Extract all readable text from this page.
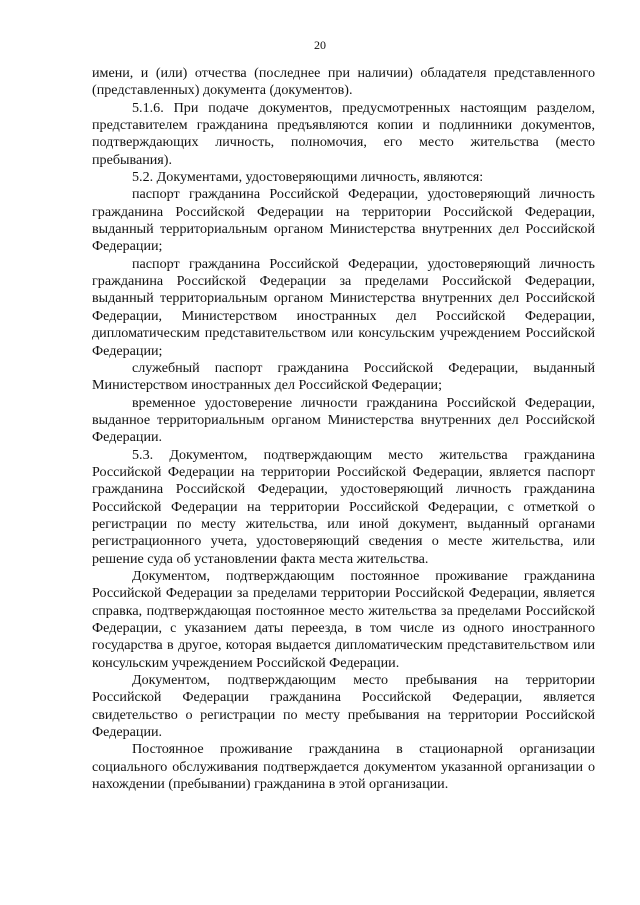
20

имени, и (или) отчества (последнее при наличии) обладателя представленного (представленных) документа (документов).

5.1.6. При подаче документов, предусмотренных настоящим разделом, представителем гражданина предъявляются копии и подлинники документов, подтверждающих личность, полномочия, его место жительства (место пребывания).

5.2. Документами, удостоверяющими личность, являются:

паспорт гражданина Российской Федерации, удостоверяющий личность гражданина Российской Федерации на территории Российской Федерации, выданный территориальным органом Министерства внутренних дел Российской Федерации;

паспорт гражданина Российской Федерации, удостоверяющий личность гражданина Российской Федерации за пределами Российской Федерации, выданный территориальным органом Министерства внутренних дел Российской Федерации, Министерством иностранных дел Российской Федерации, дипломатическим представительством или консульским учреждением Российской Федерации;

служебный паспорт гражданина Российской Федерации, выданный Министерством иностранных дел Российской Федерации;

временное удостоверение личности гражданина Российской Федерации, выданное территориальным органом Министерства внутренних дел Российской Федерации.

5.3. Документом, подтверждающим место жительства гражданина Российской Федерации на территории Российской Федерации, является паспорт гражданина Российской Федерации, удостоверяющий личность гражданина Российской Федерации на территории Российской Федерации, с отметкой о регистрации по месту жительства, или иной документ, выданный органами регистрационного учета, удостоверяющий сведения о месте жительства, или решение суда об установлении факта места жительства.

Документом, подтверждающим постоянное проживание гражданина Российской Федерации за пределами территории Российской Федерации, является справка, подтверждающая постоянное место жительства за пределами Российской Федерации, с указанием даты переезда, в том числе из одного иностранного государства в другое, которая выдается дипломатическим представительством или консульским учреждением Российской Федерации.

Документом, подтверждающим место пребывания на территории Российской Федерации гражданина Российской Федерации, является свидетельство о регистрации по месту пребывания на территории Российской Федерации.

Постоянное проживание гражданина в стационарной организации социального обслуживания подтверждается документом указанной организации о нахождении (пребывании) гражданина в этой организации.
